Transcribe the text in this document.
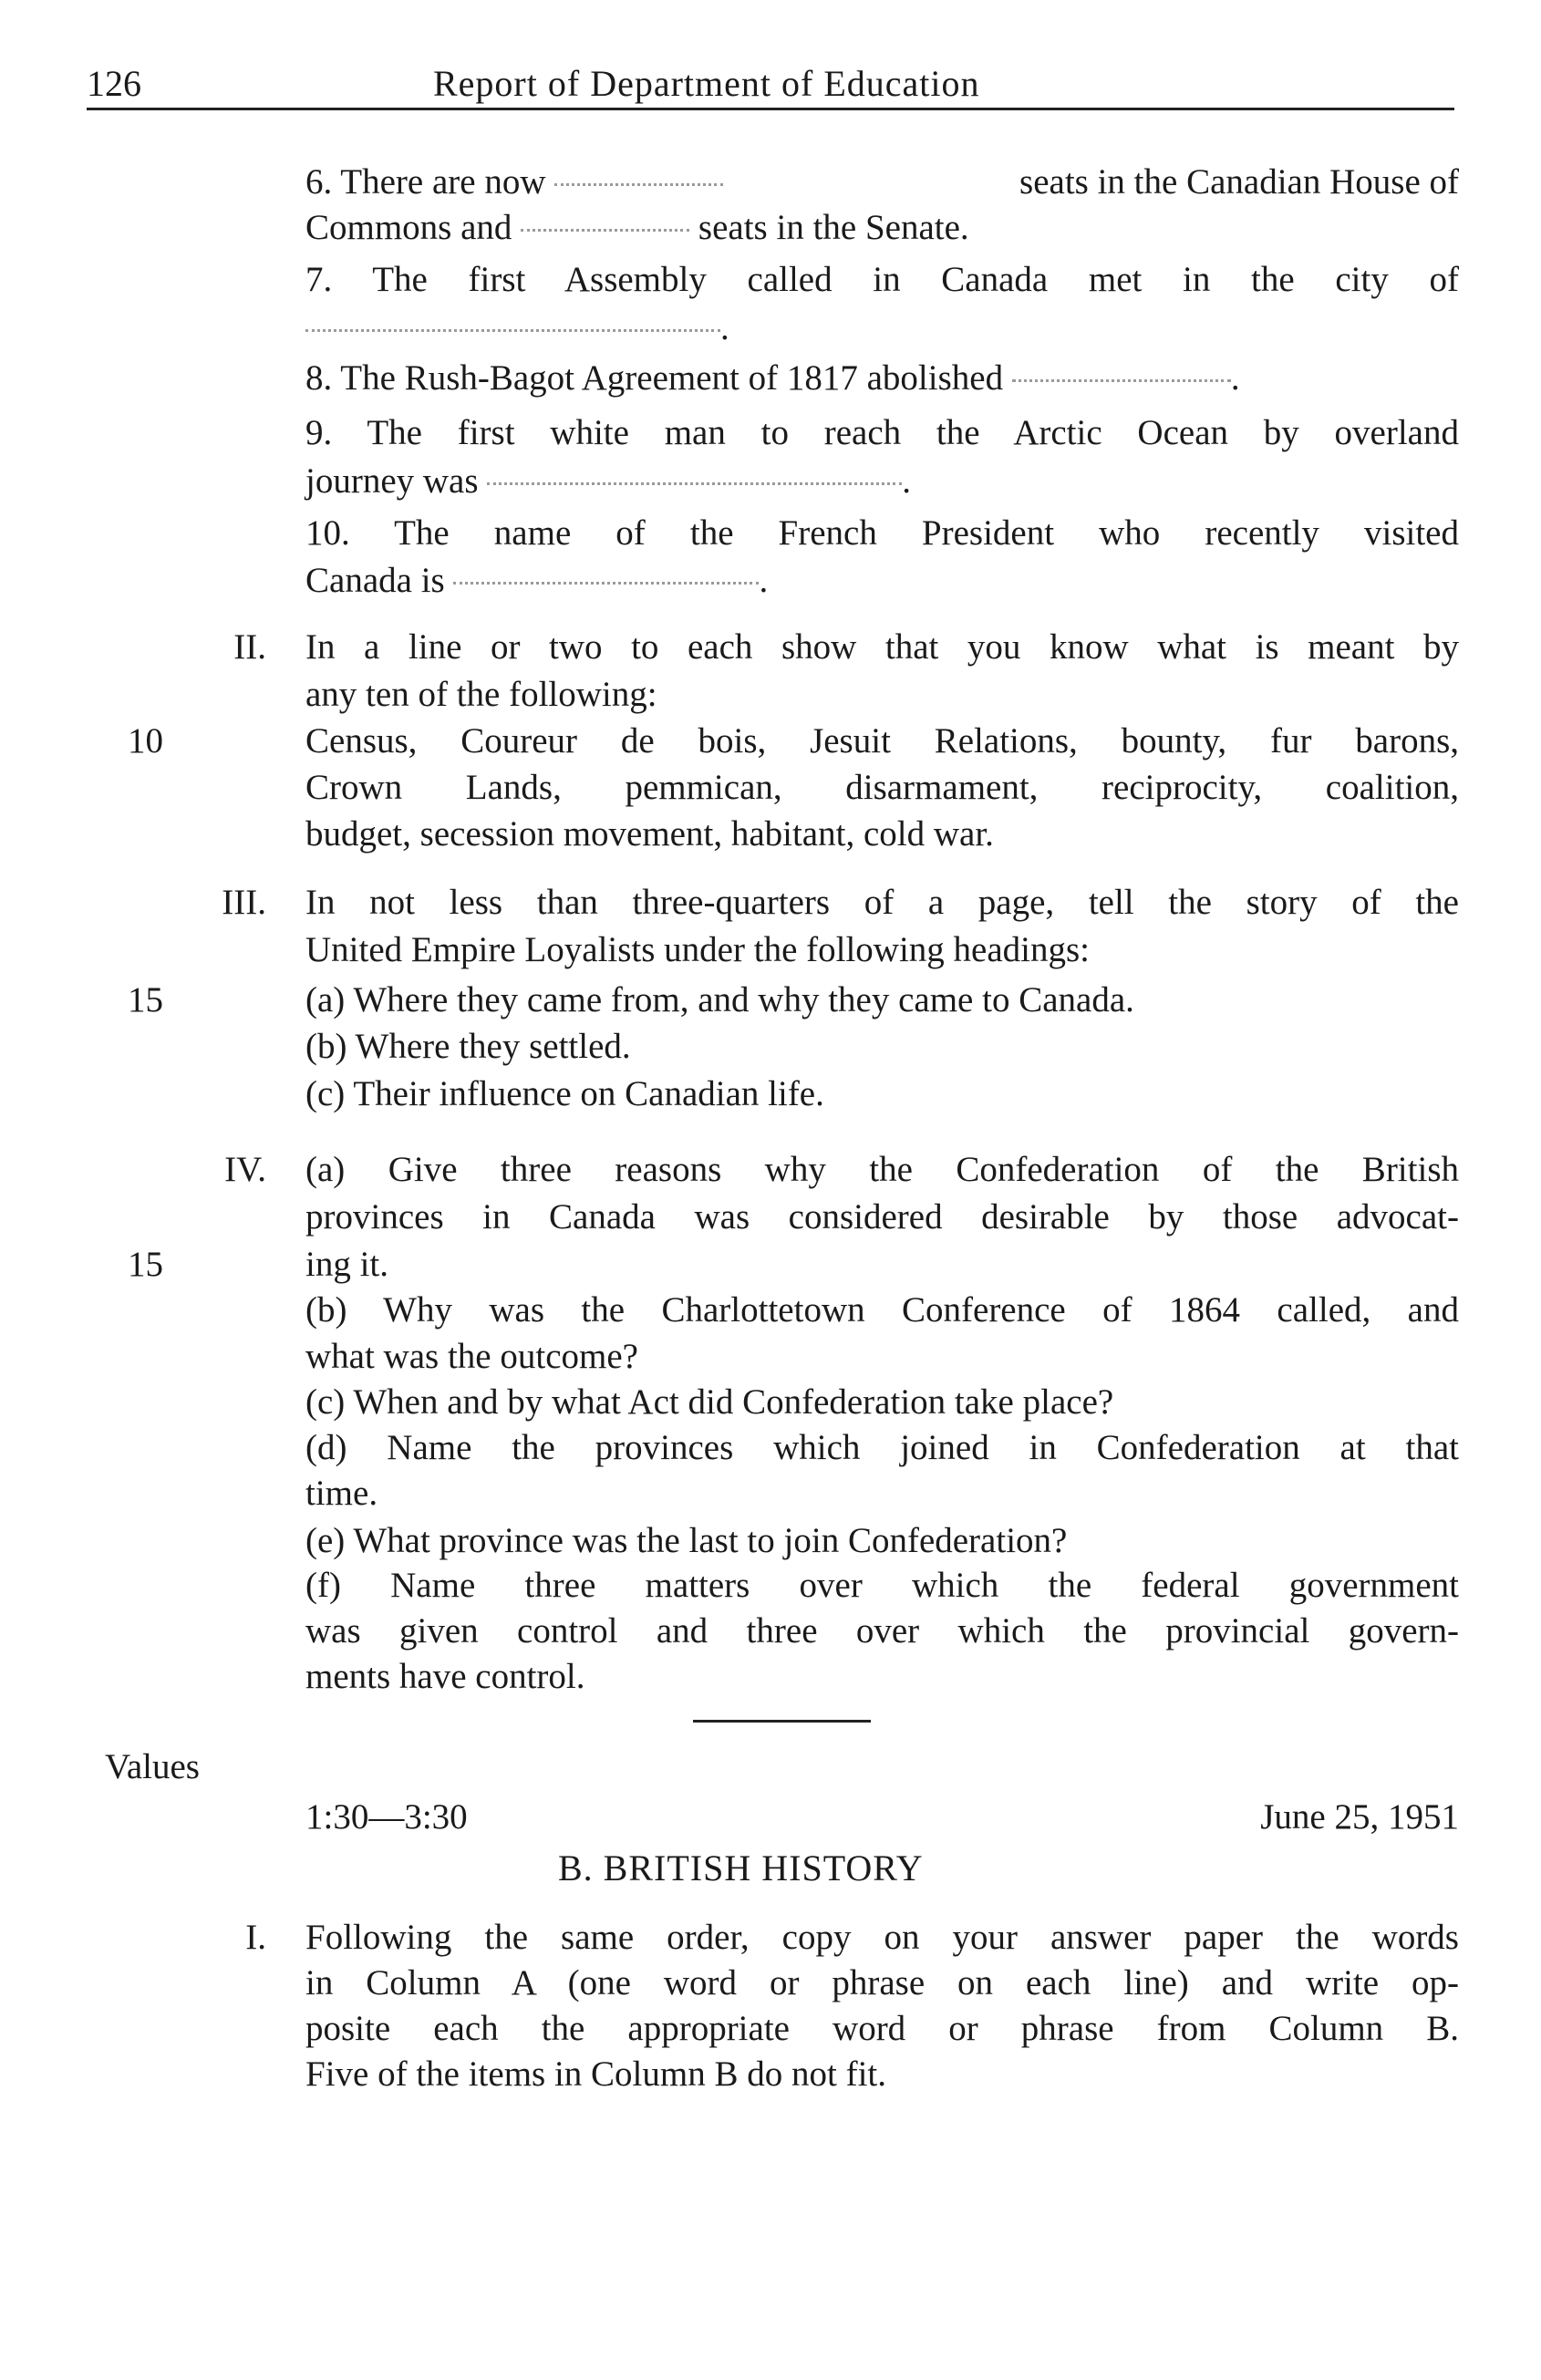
126	Report of Department of Education
6. There are now	seats in the Canadian House of
Commons and	seats in the Senate.
7. The first Assembly called in Canada met in the city of
.
8. The Rush-Bagot Agreement of 1817 abolished	.
9. The first white man to reach the Arctic Ocean by overland
journey was	.
10. The name of the French President who recently visited
Canada is	.
II.
10
In a line or two to each show that you know what is meant by
any ten of the following:
Census, Coureur de bois, Jesuit Relations, bounty, fur barons,
Crown Lands, pemmican, disarmament, reciprocity, coalition,
budget, secession movement, habitant, cold war.
III.
15
In not less than three-quarters of a page, tell the story of the
United Empire Loyalists under the following headings:
(a) Where they came from, and why they came to Canada.
(b) Where they settled.
(c) Their influence on Canadian life.
IV.
15
(a) Give three reasons why the Confederation of the British
provinces in Canada was considered desirable by those advocat-
ing it.
(b) Why was the Charlottetown Conference of 1864 called, and
what was the outcome?
(c) When and by what Act did Confederation take place?
(d) Name the provinces which joined in Confederation at that
time.
(e) What province was the last to join Confederation?
(f) Name three matters over which the federal government
was given control and three over which the provincial govern-
ments have control.
Values
1:30—3:30	June 25, 1951
B. BRITISH HISTORY
I. Following the same order, copy on your answer paper the words
in Column A (one word or phrase on each line) and write op-
posite each the appropriate word or phrase from Column B.
Five of the items in Column B do not fit.
